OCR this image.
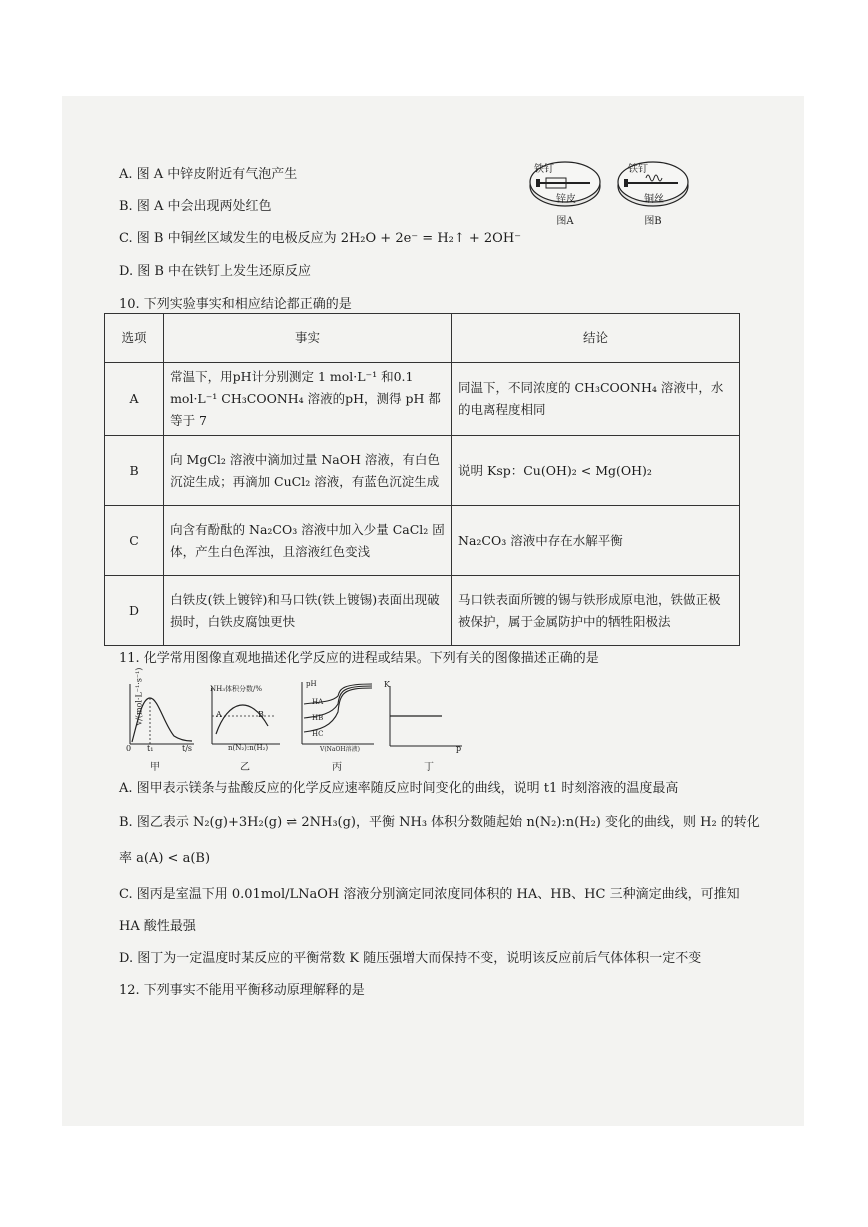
A. 图 A 中锌皮附近有气泡产生
B. 图 A 中会出现两处红色
C. 图 B 中铜丝区域发生的电极反应为 2H₂O + 2e⁻ = H₂↑ + 2OH⁻
D. 图 B 中在铁钉上发生还原反应
铁钉
锌皮
图A
铁钉
铜丝
图B
10. 下列实验事实和相应结论都正确的是
选项	事实	结论
A	常温下，用pH计分别测定 1 mol·L⁻¹ 和0.1 mol·L⁻¹ CH₃COONH₄ 溶液的pH，测得 pH 都等于 7	同温下，不同浓度的 CH₃COONH₄ 溶液中，水的电离程度相同
B	向 MgCl₂ 溶液中滴加过量 NaOH 溶液，有白色沉淀生成；再滴加 CuCl₂ 溶液，有蓝色沉淀生成	说明 Ksp：Cu(OH)₂ < Mg(OH)₂
C	向含有酚酞的 Na₂CO₃ 溶液中加入少量 CaCl₂ 固体，产生白色浑浊，且溶液红色变浅	Na₂CO₃ 溶液中存在水解平衡
D	白铁皮(铁上镀锌)和马口铁(铁上镀锡)表面出现破损时，白铁皮腐蚀更快	马口铁表面所镀的锡与铁形成原电池，铁做正极被保护，属于金属防护中的牺牲阳极法
11. 化学常用图像直观地描述化学反应的进程或结果。下列有关的图像描述正确的是
v/(mol·L⁻¹·s⁻¹)
0 t₁	t/s
甲
NH₃体积分数/%
A	B
n(N₂):n(H₂)
乙
pH
HA
HB
HC
V(NaOH溶液)
丙
K
p
丁
A. 图甲表示镁条与盐酸反应的化学反应速率随反应时间变化的曲线，说明 t1 时刻溶液的温度最高
B. 图乙表示 N₂(g)+3H₂(g) ⇌ 2NH₃(g)，平衡 NH₃ 体积分数随起始 n(N₂):n(H₂) 变化的曲线，则 H₂ 的转化
率 a(A) < a(B)
C. 图丙是室温下用 0.01mol/LNaOH 溶液分别滴定同浓度同体积的 HA、HB、HC 三种滴定曲线，可推知
HA 酸性最强
D. 图丁为一定温度时某反应的平衡常数 K 随压强增大而保持不变，说明该反应前后气体体积一定不变
12. 下列事实不能用平衡移动原理解释的是
